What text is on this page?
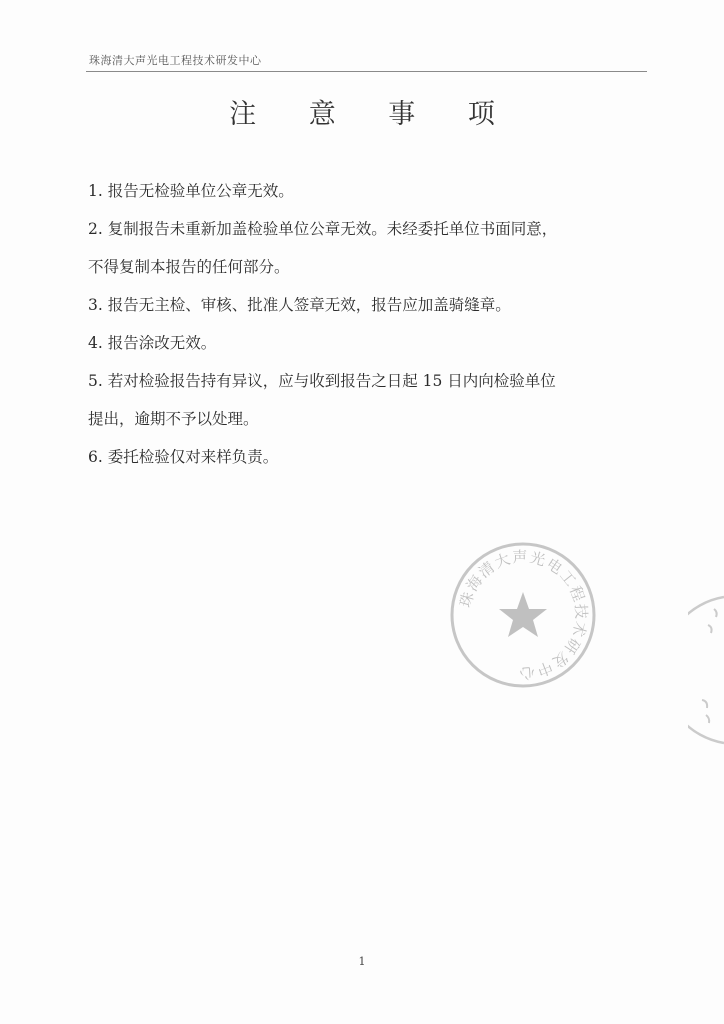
珠海清大声光电工程技术研发中心
注 意 事 项
1. 报告无检验单位公章无效。
2. 复制报告未重新加盖检验单位公章无效。未经委托单位书面同意，
不得复制本报告的任何部分。
3. 报告无主检、审核、批准人签章无效，报告应加盖骑缝章。
4. 报告涂改无效。
5. 若对检验报告持有异议，应与收到报告之日起 15 日内向检验单位
提出，逾期不予以处理。
6. 委托检验仅对来样负责。
珠海清大声光电工程技术研发中心
1
